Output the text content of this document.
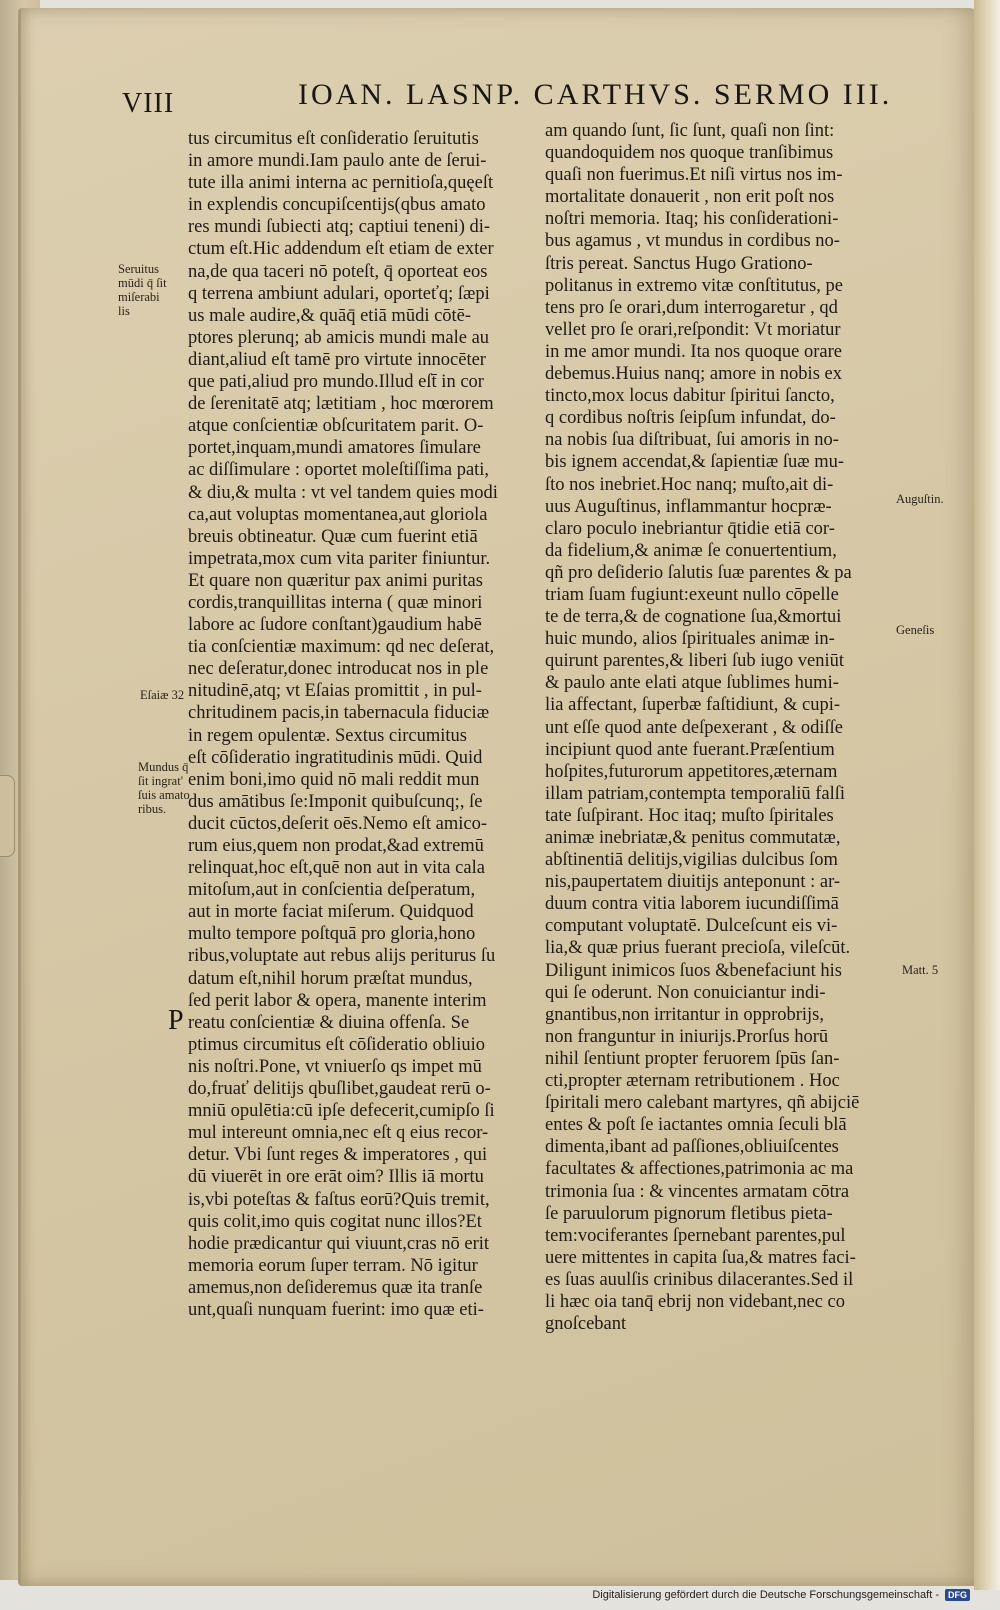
VIII	IOAN. LASNP. CARTHVS. SERMO III.
tus circumitus eſt conſideratio ſeruitutis
in amore mundi.Iam paulo ante de ſerui-
tute illa animi interna ac pernitioſa,quęeſt
in explendis concupiſcentijs(qbus amato
res mundi ſubiecti atq; captiui teneni) di-
ctum eſt.Hic addendum eſt etiam de exter
na,de qua taceri nō poteſt, q̄ oporteat eos
q terrena ambiunt adulari, oporteťq; ſæpi
us male audire,& quāq̄ etiā mūdi cōtē-
ptores plerunq; ab amicis mundi male au
diant,aliud eſt tamē pro virtute innocēter
que pati,aliud pro mundo.Illud eſt̄ in cor
de ſerenitatē atq; lætitiam , hoc mœrorem
atque conſcientiæ obſcuritatem parit. O-
portet,inquam,mundi amatores ſimulare
ac diſſimulare : oportet moleſtiſſima pati,
& diu,& multa : vt vel tandem quies modi
ca,aut voluptas momentanea,aut gloriola
breuis obtineatur. Quæ cum fuerint etiā
impetrata,mox cum vita pariter finiuntur.
Et quare non quæritur pax animi puritas
cordis,tranquillitas interna ( quæ minori
labore ac ſudore conſtant)gaudium habē
tia conſcientiæ maximum: qd nec deſerat,
nec deſeratur,donec introducat nos in ple
nitudinē,atq; vt Eſaias promittit , in pul-
chritudinem pacis,in tabernacula fiduciæ
in regem opulentæ. Sextus circumitus
eſt cōſideratio ingratitudinis mūdi. Quid
enim boni,imo quid nō mali reddit mun
dus amātibus ſe:Imponit quibuſcunq;, ſe
ducit cūctos,deſerit oēs.Nemo eſt amico-
rum eius,quem non prodat,&ad extremū
relinquat,hoc eſt,quē non aut in vita cala
mitoſum,aut in conſcientia deſperatum,
aut in morte faciat miſerum. Quidquod
multo tempore poſtquā pro gloria,hono
ribus,voluptate aut rebus alijs periturus ſu
datum eſt,nihil horum præſtat mundus,
ſed perit labor & opera, manente interim
reatu conſcientiæ & diuina offenſa. Se
ptimus circumitus eſt cōſideratio obliuio
nis noſtri.Pone, vt vniuerſo qs impet mū
do,fruať delitijs qbuſlibet,gaudeat rerū o-
mniū opulētia:cū ipſe defecerit,cumipſo ſi
mul intereunt omnia,nec eſt q eius recor-
detur. Vbi ſunt reges & imperatores , qui
dū viuerēt in ore erāt oim? Illis iā mortu
is,vbi poteſtas & faſtus eorū?Quis tremit,
quis colit,imo quis cogitat nunc illos?Et
hodie prædicantur qui viuunt,cras nō erit
memoria eorum ſuper terram. Nō igitur
amemus,non deſideremus quæ ita tranſe
unt,quaſi nunquam fuerint: imo quæ eti-
am quando ſunt, ſic ſunt, quaſi non ſint:
quandoquidem nos quoque tranſibimus
quaſi non fuerimus.Et niſi virtus nos im-
mortalitate donauerit , non erit poſt nos
noſtri memoria. Itaq; his conſiderationi-
bus agamus , vt mundus in cordibus no-
ſtris pereat. Sanctus Hugo Grationo-
politanus in extremo vitæ conſtitutus, pe
tens pro ſe orari,dum interrogaretur , qd
vellet pro ſe orari,reſpondit: Vt moriatur
in me amor mundi. Ita nos quoque orare
debemus.Huius nanq; amore in nobis ex
tincto,mox locus dabitur ſpiritui ſancto,
q cordibus noſtris ſeipſum infundat, do-
na nobis ſua diſtribuat, ſui amoris in no-
bis ignem accendat,& ſapientiæ ſuæ mu-
ſto nos inebriet.Hoc nanq; muſto,ait di-
uus Auguſtinus, inflammantur hocpræ-
claro poculo inebriantur q̄tidie etiā cor-
da fidelium,& animæ ſe conuertentium,
qñ pro deſiderio ſalutis ſuæ parentes & pa
triam ſuam fugiunt:exeunt nullo cōpelle
te de terra,& de cognatione ſua,&mortui
huic mundo, alios ſpirituales animæ in-
quirunt parentes,& liberi ſub iugo veniūt
& paulo ante elati atque ſublimes humi-
lia affectant, ſuperbæ faſtidiunt, & cupi-
unt eſſe quod ante deſpexerant , & odiſſe
incipiunt quod ante fuerant.Præſentium
hoſpites,futurorum appetitores,æternam
illam patriam,contempta temporaliū falſi
tate ſuſpirant. Hoc itaq; muſto ſpiritales
animæ inebriatæ,& penitus commutatæ,
abſtinentiā delitijs,vigilias dulcibus ſom
nis,paupertatem diuitijs anteponunt : ar-
duum contra vitia laborem iucundiſſimā
computant voluptatē. Dulceſcunt eis vi-
lia,& quæ prius fuerant precioſa, vileſcūt.
Diligunt inimicos ſuos &benefaciunt his
qui ſe oderunt. Non conuiciantur indi-
gnantibus,non irritantur in opprobrijs,
non franguntur in iniurijs.Prorſus horū
nihil ſentiunt propter feruorem ſpūs ſan-
cti,propter æternam retributionem . Hoc
ſpiritali mero calebant martyres, qñ abijciē
entes & poſt ſe iactantes omnia ſeculi blā
dimenta,ibant ad paſſiones,obliuiſcentes
facultates & affectiones,patrimonia ac ma
trimonia ſua : & vincentes armatam cōtra
ſe paruulorum pignorum fletibus pieta-
tem:vociferantes ſpernebant parentes,pul
uere mittentes in capita ſua,& matres faci-
es ſuas auulſis crinibus dilacerantes.Sed il
li hæc oia tanq̄ ebrij non videbant,nec co
gnoſcebant
Seruitus
mūdi q̄ ſit
miſerabi
lis
Eſaiæ 32
Mundus q̄
ſit ingrat'
ſuis amato
ribus.
Auguſtin.
Geneſis
Matt. 5
P
Digitalisierung gefördert durch die Deutsche Forschungsgemeinschaft -	DFG
